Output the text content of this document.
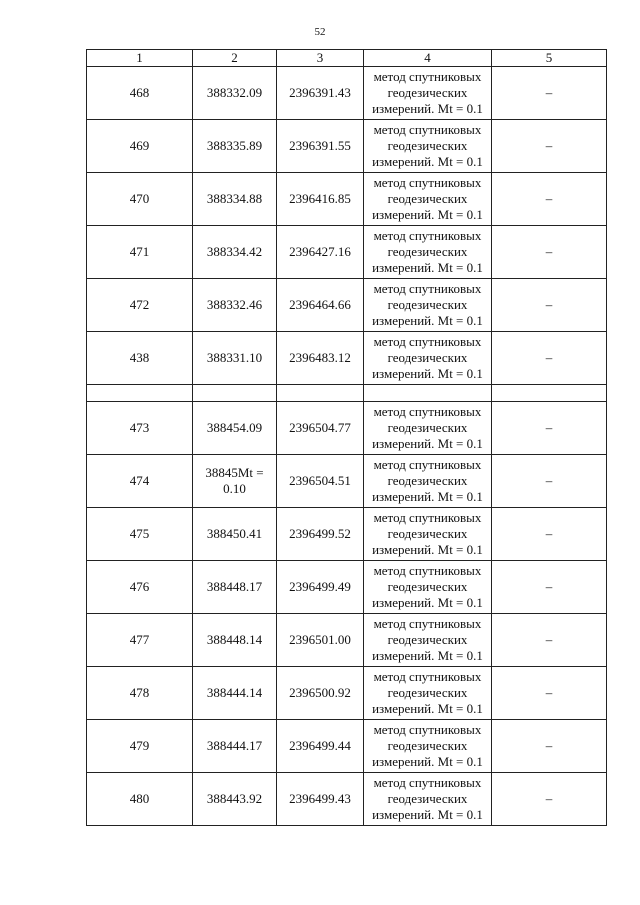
52
1	2	3	4	5
468	388332.09	2396391.43	метод спутниковых
геодезических
измерений. Mt = 0.1	–
469	388335.89	2396391.55	метод спутниковых
геодезических
измерений. Mt = 0.1	–
470	388334.88	2396416.85	метод спутниковых
геодезических
измерений. Mt = 0.1	–
471	388334.42	2396427.16	метод спутниковых
геодезических
измерений. Mt = 0.1	–
472	388332.46	2396464.66	метод спутниковых
геодезических
измерений. Mt = 0.1	–
438	388331.10	2396483.12	метод спутниковых
геодезических
измерений. Mt = 0.1	–

473	388454.09	2396504.77	метод спутниковых
геодезических
измерений. Mt = 0.1	–
474	38845Mt = 0.10	2396504.51	метод спутниковых
геодезических
измерений. Mt = 0.1	–
475	388450.41	2396499.52	метод спутниковых
геодезических
измерений. Mt = 0.1	–
476	388448.17	2396499.49	метод спутниковых
геодезических
измерений. Mt = 0.1	–
477	388448.14	2396501.00	метод спутниковых
геодезических
измерений. Mt = 0.1	–
478	388444.14	2396500.92	метод спутниковых
геодезических
измерений. Mt = 0.1	–
479	388444.17	2396499.44	метод спутниковых
геодезических
измерений. Mt = 0.1	–
480	388443.92	2396499.43	метод спутниковых
геодезических
измерений. Mt = 0.1	–
